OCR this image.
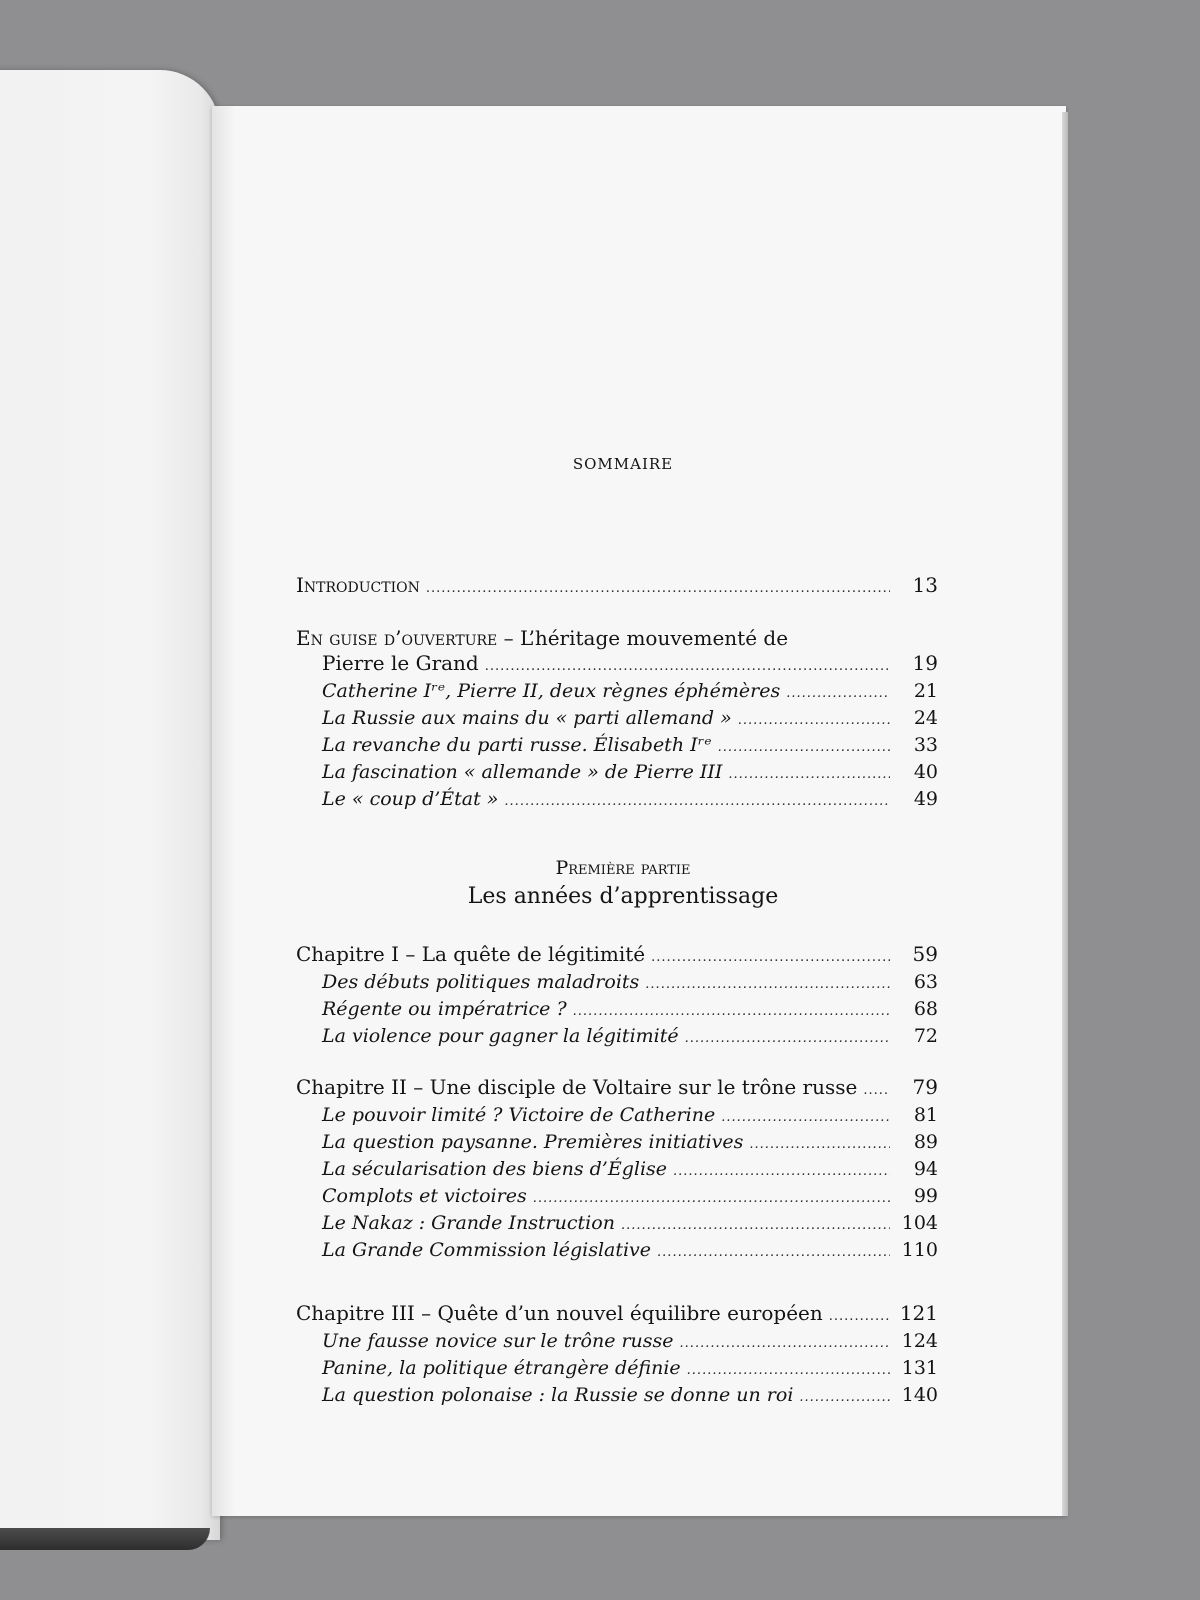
SOMMAIRE
Introduction .....	13
En guise d’ouverture – L’héritage mouvementé de
Pierre le Grand .....	19
Catherine Iʳᵉ, Pierre II, deux règnes éphémères .....	21
La Russie aux mains du « parti allemand » .....	24
La revanche du parti russe. Élisabeth Iʳᵉ .....	33
La fascination « allemande » de Pierre III .....	40
Le « coup d’État » .....	49
Première partie
Les années d’apprentissage
Chapitre I – La quête de légitimité .....	59
Des débuts politiques maladroits .....	63
Régente ou impératrice ? .....	68
La violence pour gagner la légitimité .....	72
Chapitre II – Une disciple de Voltaire sur le trône russe .....	79
Le pouvoir limité ? Victoire de Catherine .....	81
La question paysanne. Premières initiatives .....	89
La sécularisation des biens d’Église .....	94
Complots et victoires .....	99
Le Nakaz : Grande Instruction .....	104
La Grande Commission législative .....	110
Chapitre III – Quête d’un nouvel équilibre européen .....	121
Une fausse novice sur le trône russe .....	124
Panine, la politique étrangère définie .....	131
La question polonaise : la Russie se donne un roi .....	140
